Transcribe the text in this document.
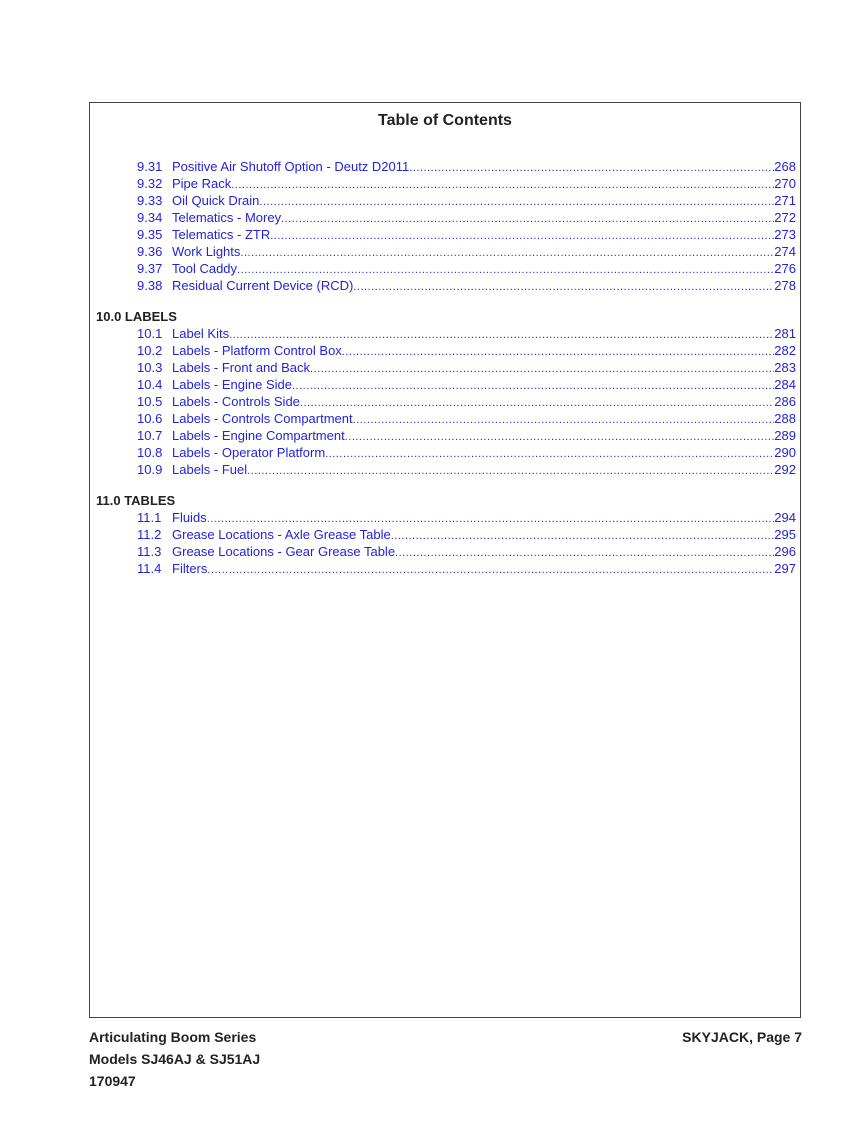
Table of Contents
9.31 Positive Air Shutoff Option - Deutz D2011 .....	268
9.32 Pipe Rack .....	270
9.33 Oil Quick Drain .....	271
9.34 Telematics - Morey .....	272
9.35 Telematics - ZTR .....	273
9.36 Work Lights .....	274
9.37 Tool Caddy .....	276
9.38 Residual Current Device (RCD) .....	278
10.0 LABELS
10.1 Label Kits .....	281
10.2 Labels - Platform Control Box .....	282
10.3 Labels - Front and Back .....	283
10.4 Labels - Engine Side .....	284
10.5 Labels - Controls Side .....	286
10.6 Labels - Controls Compartment .....	288
10.7 Labels - Engine Compartment .....	289
10.8 Labels - Operator Platform .....	290
10.9 Labels - Fuel .....	292
11.0 TABLES
11.1 Fluids .....	294
11.2 Grease Locations - Axle Grease Table .....	295
11.3 Grease Locations - Gear Grease Table .....	296
11.4 Filters .....	297
Articulating Boom Series
Models SJ46AJ & SJ51AJ
170947
SKYJACK, Page 7
